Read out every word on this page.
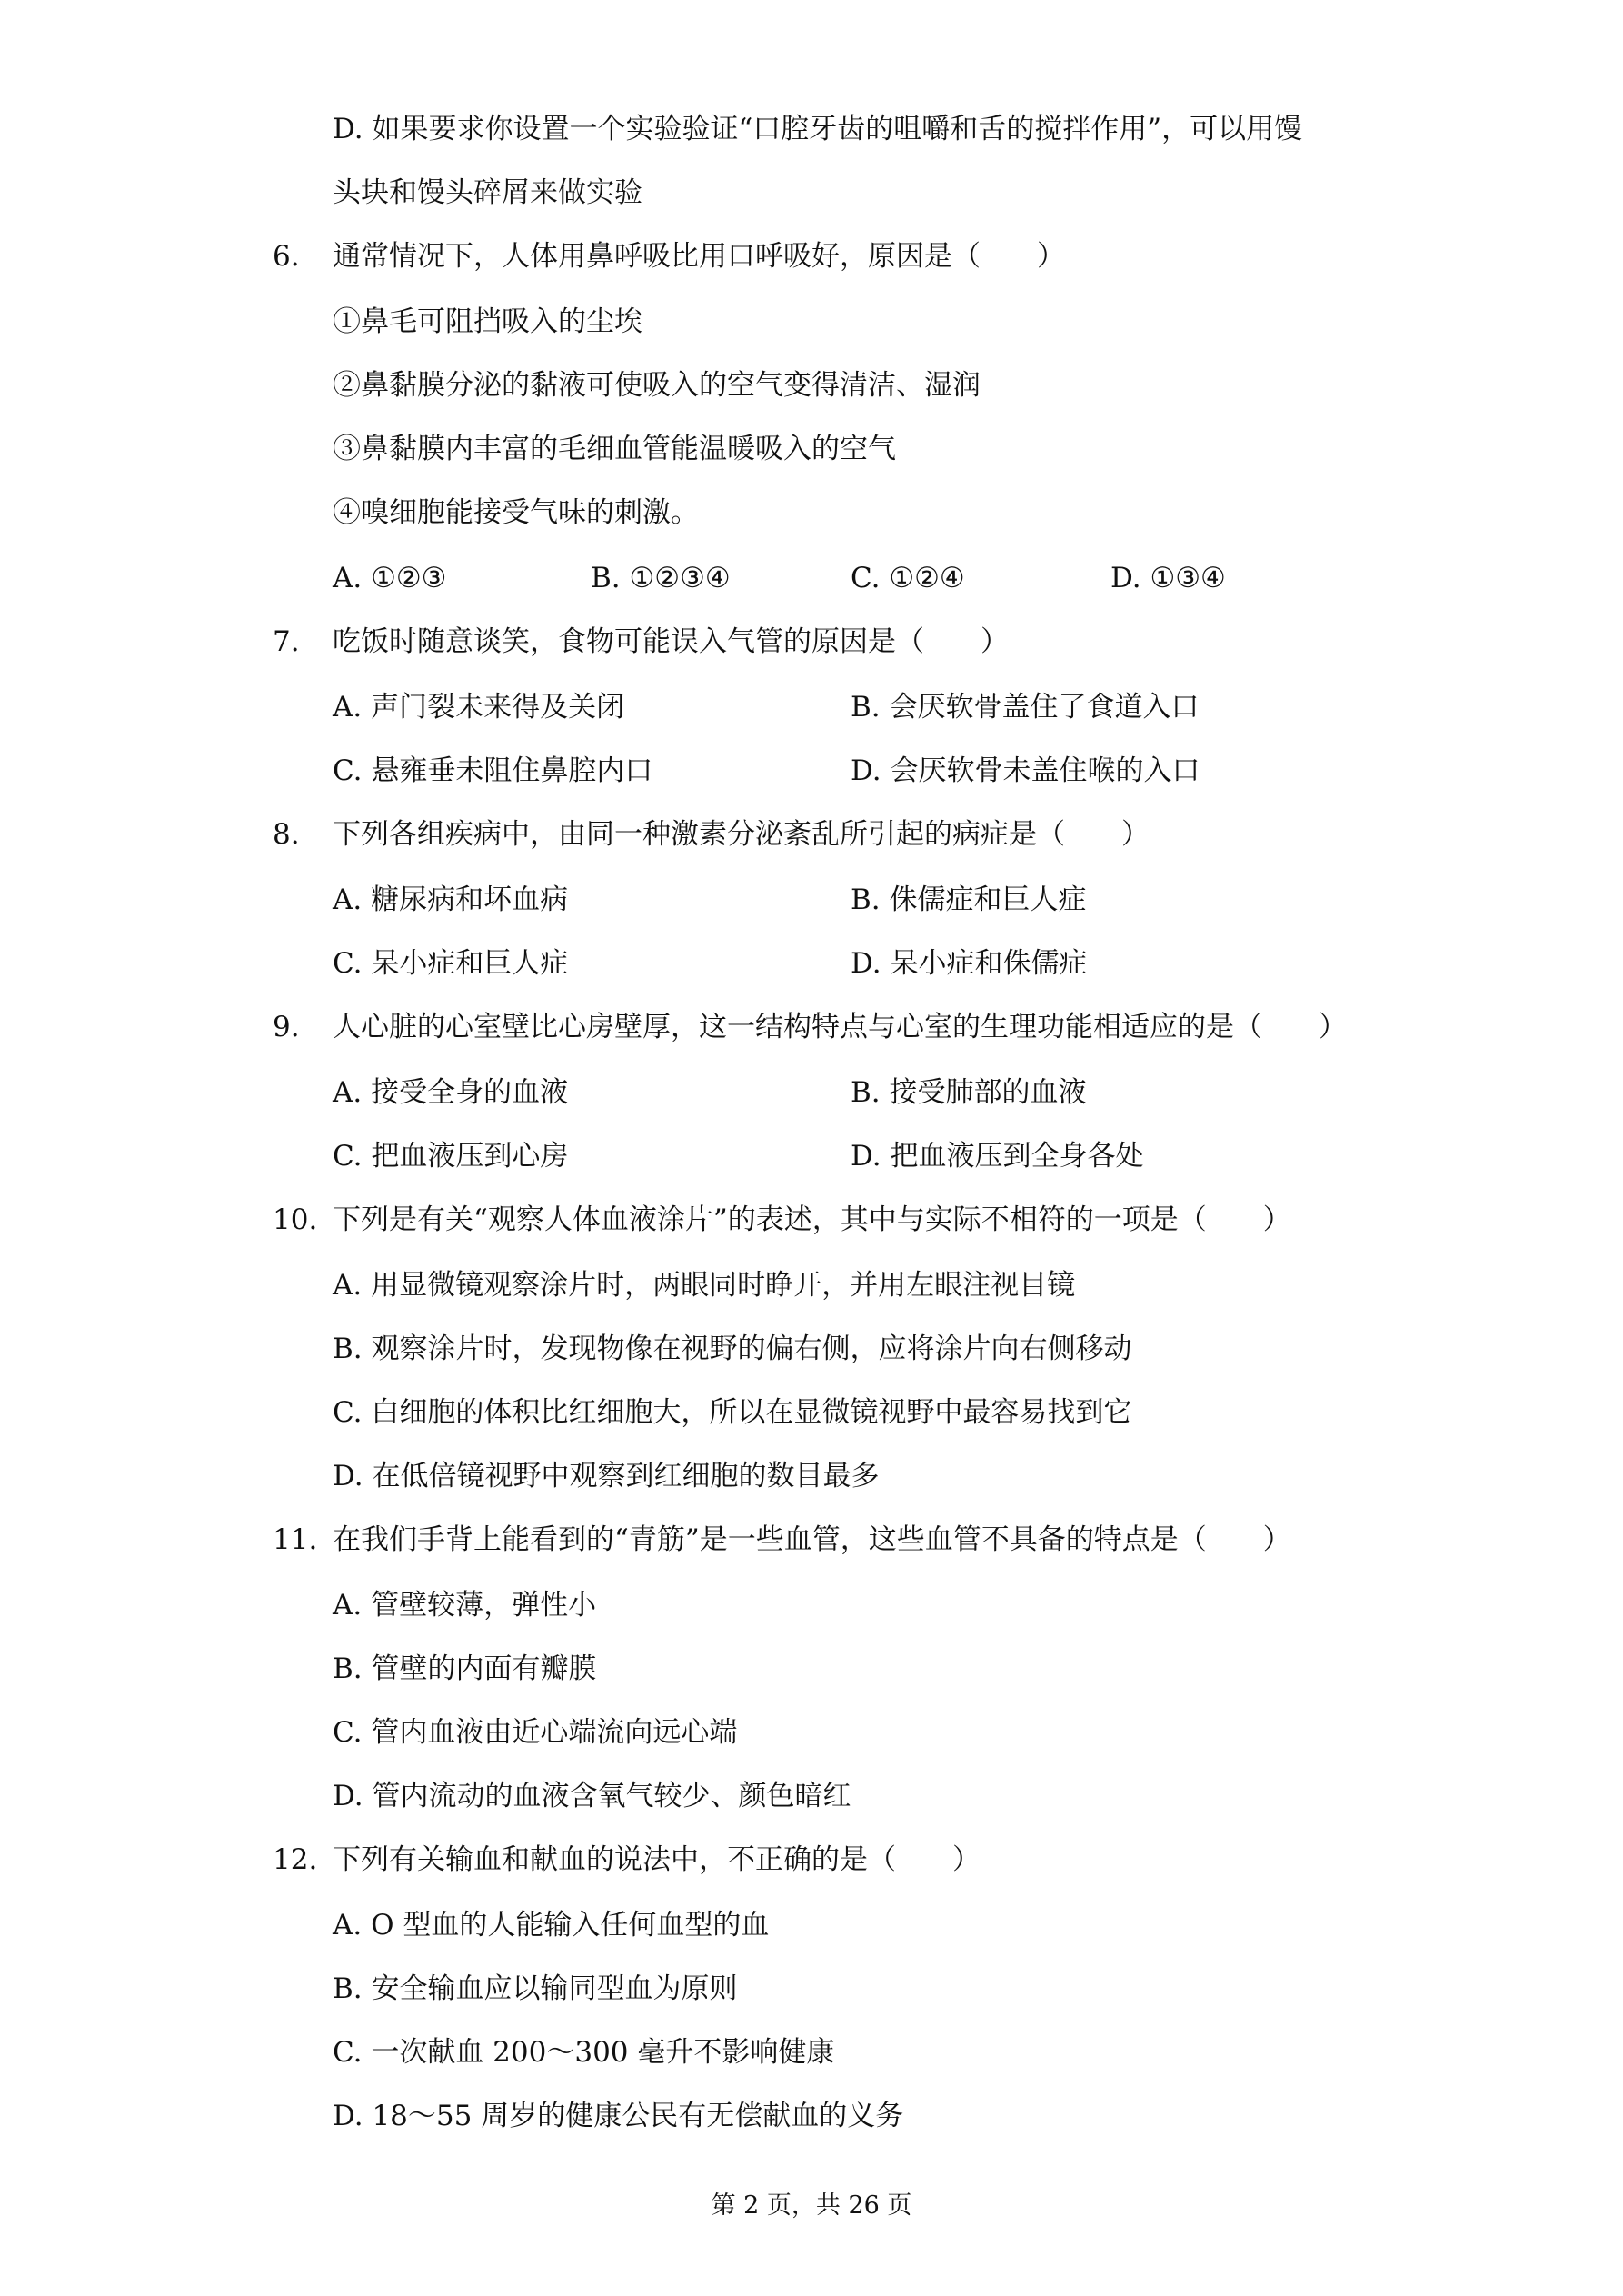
D. 如果要求你设置一个实验验证“口腔牙齿的咀嚼和舌的搅拌作用”，可以用馒
头块和馒头碎屑来做实验
6.	通常情况下，人体用鼻呼吸比用口呼吸好，原因是（　　）
①鼻毛可阻挡吸入的尘埃
②鼻黏膜分泌的黏液可使吸入的空气变得清洁、湿润
③鼻黏膜内丰富的毛细血管能温暖吸入的空气
④嗅细胞能接受气味的刺激。
A. ①②③	B. ①②③④	C. ①②④	D. ①③④
7.	吃饭时随意谈笑，食物可能误入气管的原因是（　　）
A. 声门裂未来得及关闭	B. 会厌软骨盖住了食道入口
C. 悬雍垂未阻住鼻腔内口	D. 会厌软骨未盖住喉的入口
8.	下列各组疾病中，由同一种激素分泌紊乱所引起的病症是（　　）
A. 糖尿病和坏血病	B. 侏儒症和巨人症
C. 呆小症和巨人症	D. 呆小症和侏儒症
9.	人心脏的心室壁比心房壁厚，这一结构特点与心室的生理功能相适应的是（　　）
A. 接受全身的血液	B. 接受肺部的血液
C. 把血液压到心房	D. 把血液压到全身各处
10. 下列是有关“观察人体血液涂片”的表述，其中与实际不相符的一项是（　　）
A. 用显微镜观察涂片时，两眼同时睁开，并用左眼注视目镜
B. 观察涂片时，发现物像在视野的偏右侧，应将涂片向右侧移动
C. 白细胞的体积比红细胞大，所以在显微镜视野中最容易找到它
D. 在低倍镜视野中观察到红细胞的数目最多
11. 在我们手背上能看到的“青筋”是一些血管，这些血管不具备的特点是（　　）
A. 管壁较薄，弹性小
B. 管壁的内面有瓣膜
C. 管内血液由近心端流向远心端
D. 管内流动的血液含氧气较少、颜色暗红
12. 下列有关输血和献血的说法中，不正确的是（　　）
A. O 型血的人能输入任何血型的血
B. 安全输血应以输同型血为原则
C. 一次献血 200～300 毫升不影响健康
D. 18～55 周岁的健康公民有无偿献血的义务
第 2 页，共 26 页
